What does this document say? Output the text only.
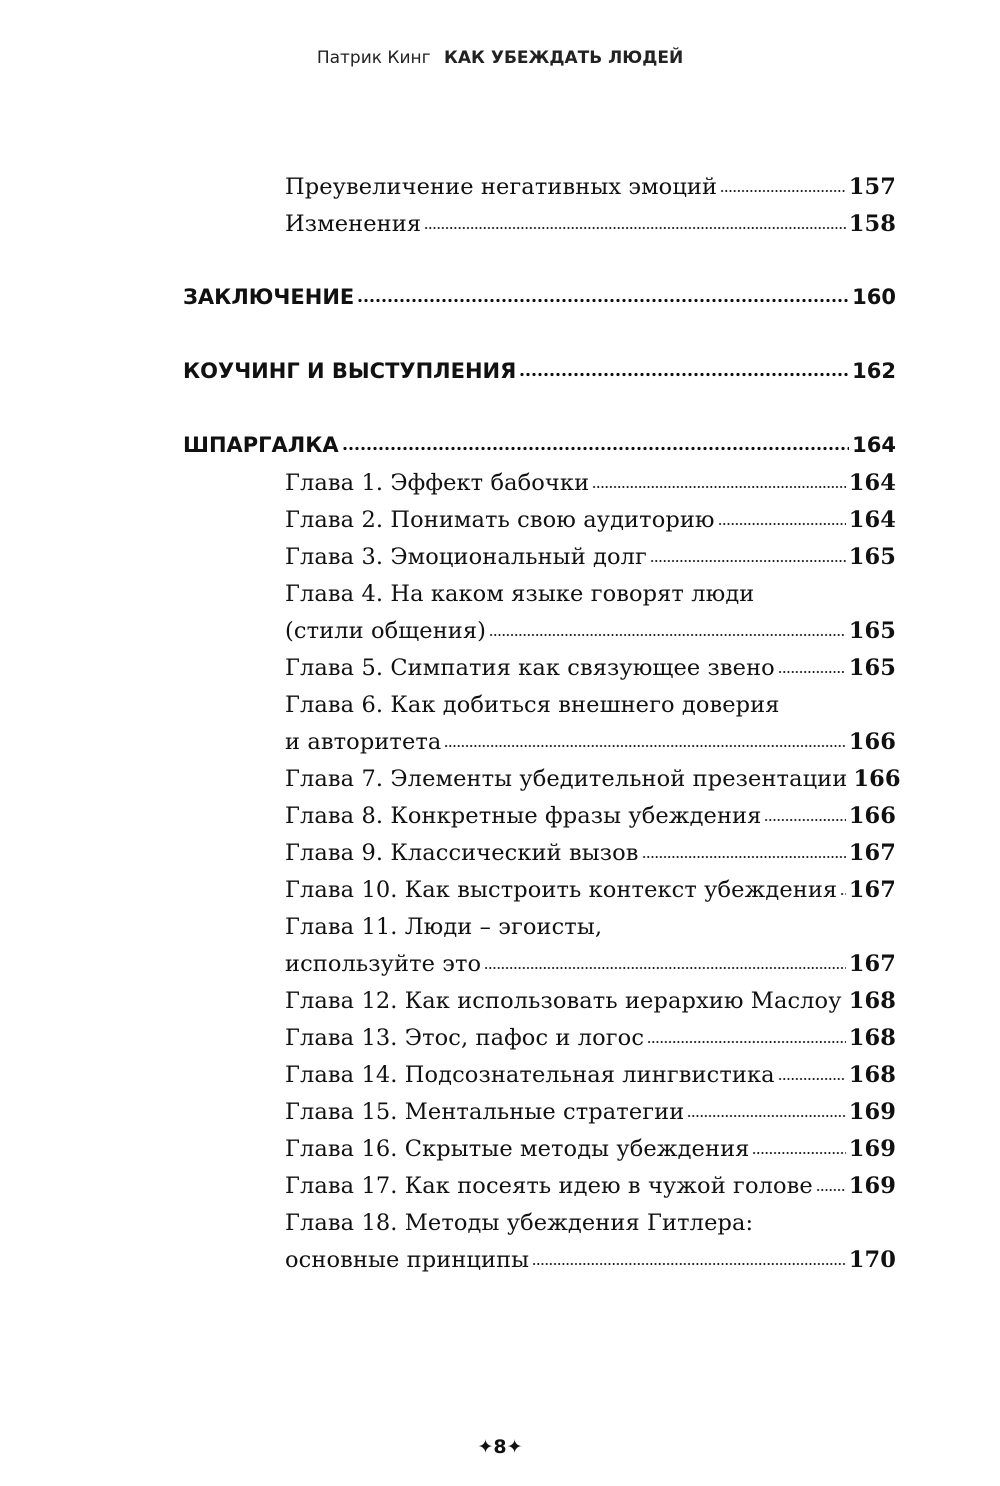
Патрик Кинг КАК УБЕЖДАТЬ ЛЮДЕЙ
Преувеличение негативных эмоций	157
Изменения	158
ЗАКЛЮЧЕНИЕ	160
КОУЧИНГ И ВЫСТУПЛЕНИЯ	162
ШПАРГАЛКА	164
Глава 1. Эффект бабочки	164
Глава 2. Понимать свою аудиторию	164
Глава 3. Эмоциональный долг	165
Глава 4. На каком языке говорят люди
(стили общения)	165
Глава 5. Симпатия как связующее звено	165
Глава 6. Как добиться внешнего доверия
и авторитета	166
Глава 7. Элементы убедительной презентации 166
Глава 8. Конкретные фразы убеждения	166
Глава 9. Классический вызов	167
Глава 10. Как выстроить контекст убеждения 167
Глава 11. Люди – эгоисты,
используйте это	167
Глава 12. Как использовать иерархию Маслоу 168
Глава 13. Этос, пафос и логос	168
Глава 14. Подсознательная лингвистика	168
Глава 15. Ментальные стратегии	169
Глава 16. Скрытые методы убеждения	169
Глава 17. Как посеять идею в чужой голове 169
Глава 18. Методы убеждения Гитлера:
основные принципы	170
✦8✦
